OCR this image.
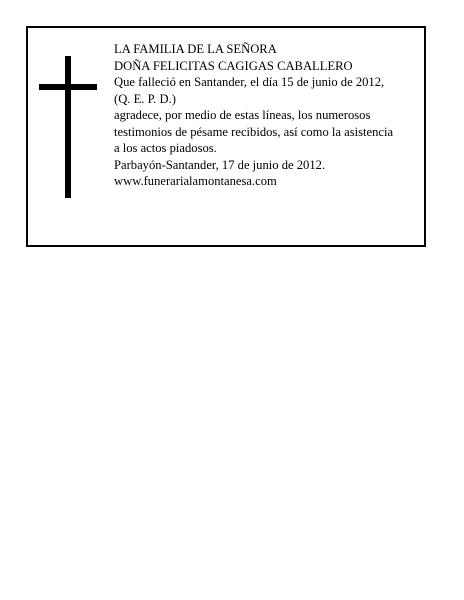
LA FAMILIA DE LA SEÑORA
DOÑA FELICITAS CAGIGAS CABALLERO
Que falleció en Santander, el día 15 de junio de 2012,
(Q. E. P. D.)
agradece, por medio de estas líneas, los numerosos
testimonios de pésame recibidos, así como la asistencia
a los actos piadosos.
Parbayón-Santander, 17 de junio de 2012.
www.funerarialamontanesa.com
